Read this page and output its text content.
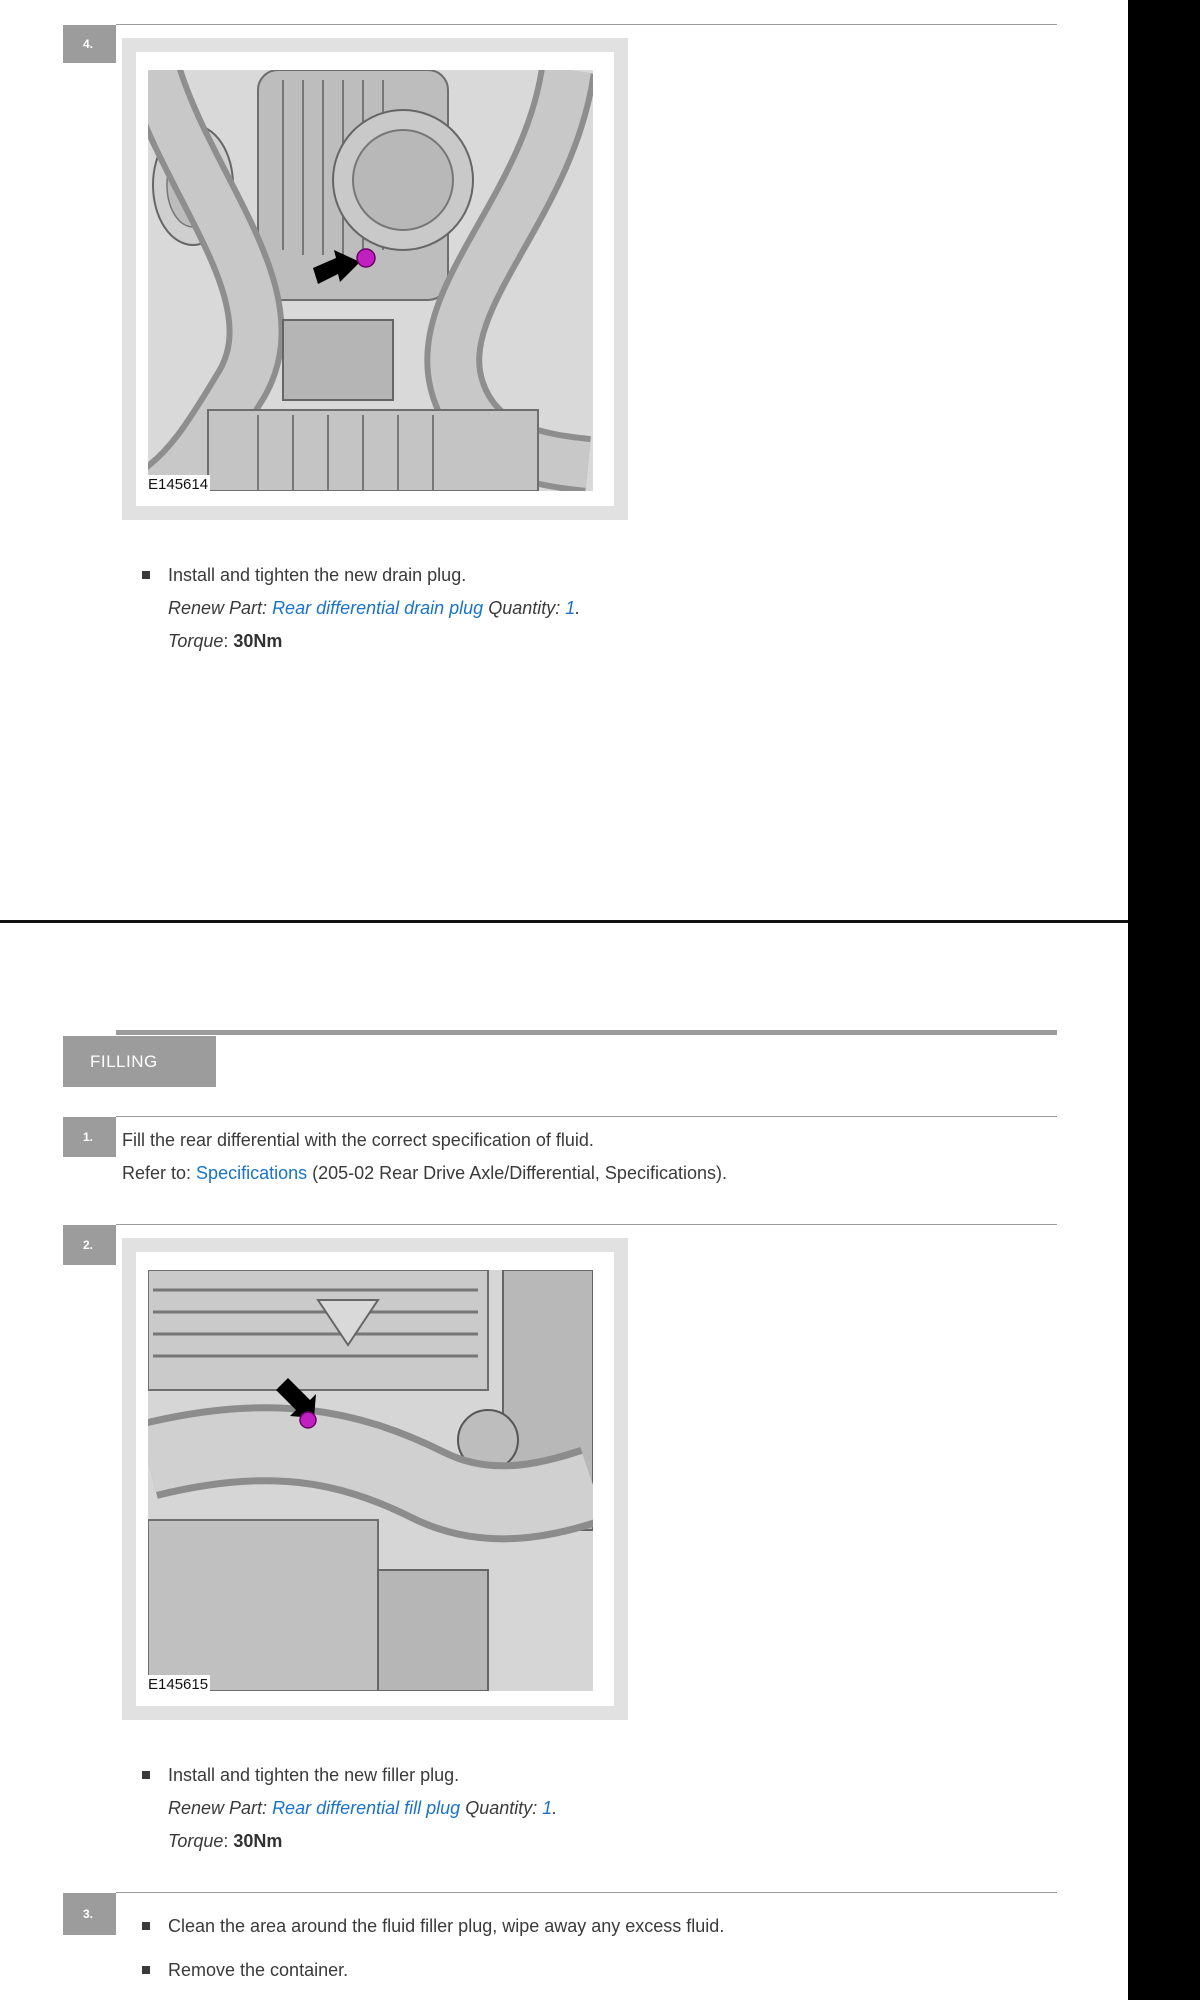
4.
E145614
Install and tighten the new drain plug.
Renew Part: Rear differential drain plug Quantity: 1.
Torque: 30Nm
FILLING
1.	Fill the rear differential with the correct specification of fluid.
Refer to: Specifications (205-02 Rear Drive Axle/Differential, Specifications).
2.
E145615
Install and tighten the new filler plug.
Renew Part: Rear differential fill plug Quantity: 1.
Torque: 30Nm
3.
Clean the area around the fluid filler plug, wipe away any excess fluid.
Remove the container.
